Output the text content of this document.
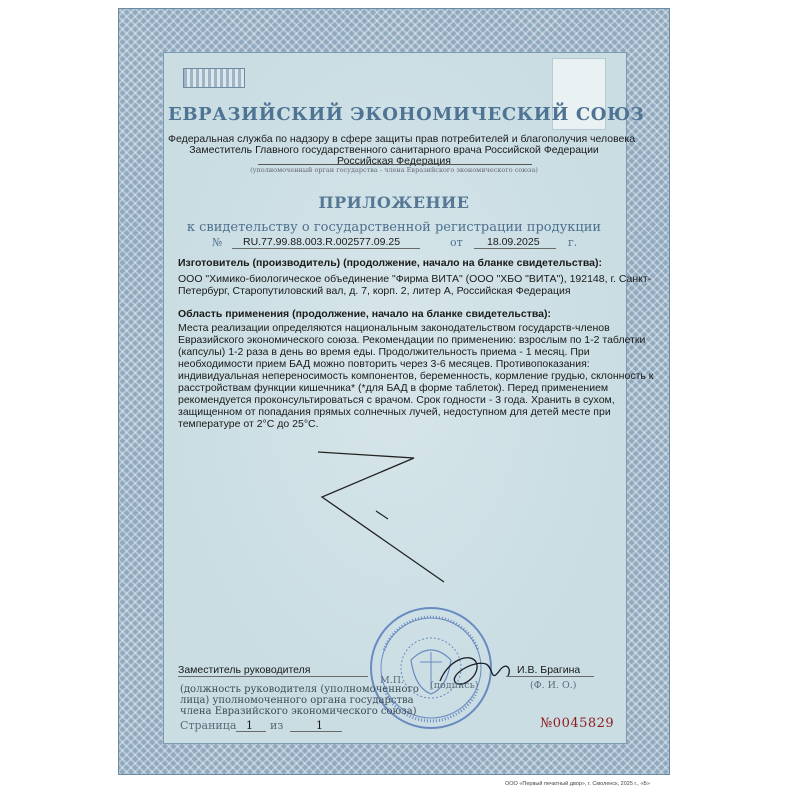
ЕВРАЗИЙСКИЙ ЭКОНОМИЧЕСКИЙ СОЮЗ
Федеральная служба по надзору в сфере защиты прав потребителей и благополучия человека
Заместитель Главного государственного санитарного врача Российской Федерации
Российская Федерация
(уполномоченный орган государства - члена Евразийского экономического союза)
ПРИЛОЖЕНИЕ
к свидетельству о государственной регистрации продукции
№ RU.77.99.88.003.R.002577.09.25	от 18.09.2025	г.
Изготовитель (производитель) (продолжение, начало на бланке свидетельства):
ООО "Химико-биологическое объединение "Фирма ВИТА" (ООО "ХБО "ВИТА"), 192148, г. Санкт-
Петербург, Старопутиловский вал, д. 7, корп. 2, литер А, Российская Федерация
Область применения (продолжение, начало на бланке свидетельства):
Места реализации определяются национальным законодательством государств-членов
Евразийского экономического союза. Рекомендации по применению: взрослым по 1-2 таблетки
(капсулы) 1-2 раза в день во время еды. Продолжительность приема - 1 месяц. При
необходимости прием БАД можно повторить через 3-6 месяцев. Противопоказания:
индивидуальная непереносимость компонентов, беременность, кормление грудью, склонность к
расстройствам функции кишечника* (*для БАД в форме таблеток). Перед применением
рекомендуется проконсультироваться с врачом. Срок годности - 3 года. Хранить в сухом,
защищенном от попадания прямых солнечных лучей, недоступном для детей месте при
температуре от 2°С до 25°С.
Заместитель руководителя	И.В. Брагина
М.П.	(подпись)	(Ф. И. О.)
(должность руководителя (уполномоченного
лица) уполномоченного органа государства
члена Евразийского экономического союза)
Страница 1 из	1	№0045829
ООО «Первый печатный двор», г. Смоленск, 2025 г., «Б»
